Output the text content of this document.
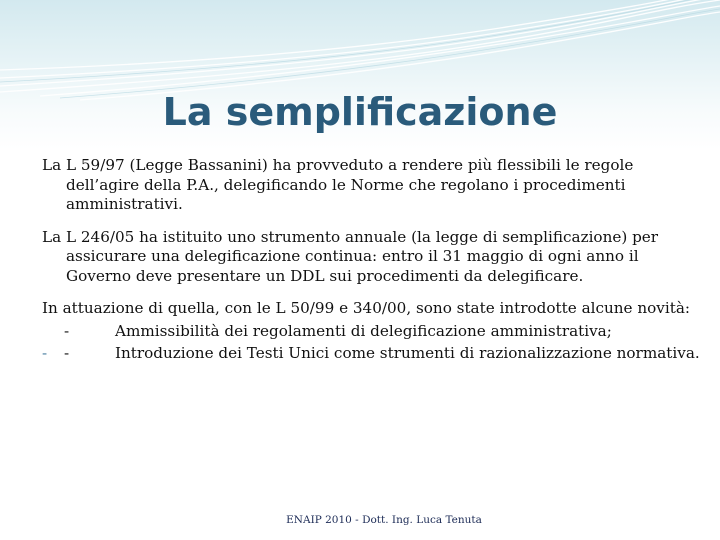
La semplificazione

La L 59/97 (Legge Bassanini) ha provveduto a rendere più flessibili le regole dell’agire della P.A., delegificando le Norme che regolano i procedimenti amministrativi.

La L 246/05 ha istituito uno strumento annuale (la legge di semplificazione) per assicurare una delegificazione continua: entro il 31 maggio di ogni anno il Governo deve presentare un DDL sui procedimenti da delegificare.

In attuazione di quella, con le L 50/99 e 340/00, sono state introdotte alcune novità:

-	Ammissibilità dei regolamenti di delegificazione amministrativa;
- -	Introduzione dei Testi Unici come strumenti di razionalizzazione normativa.
ENAIP 2010 - Dott. Ing. Luca Tenuta
